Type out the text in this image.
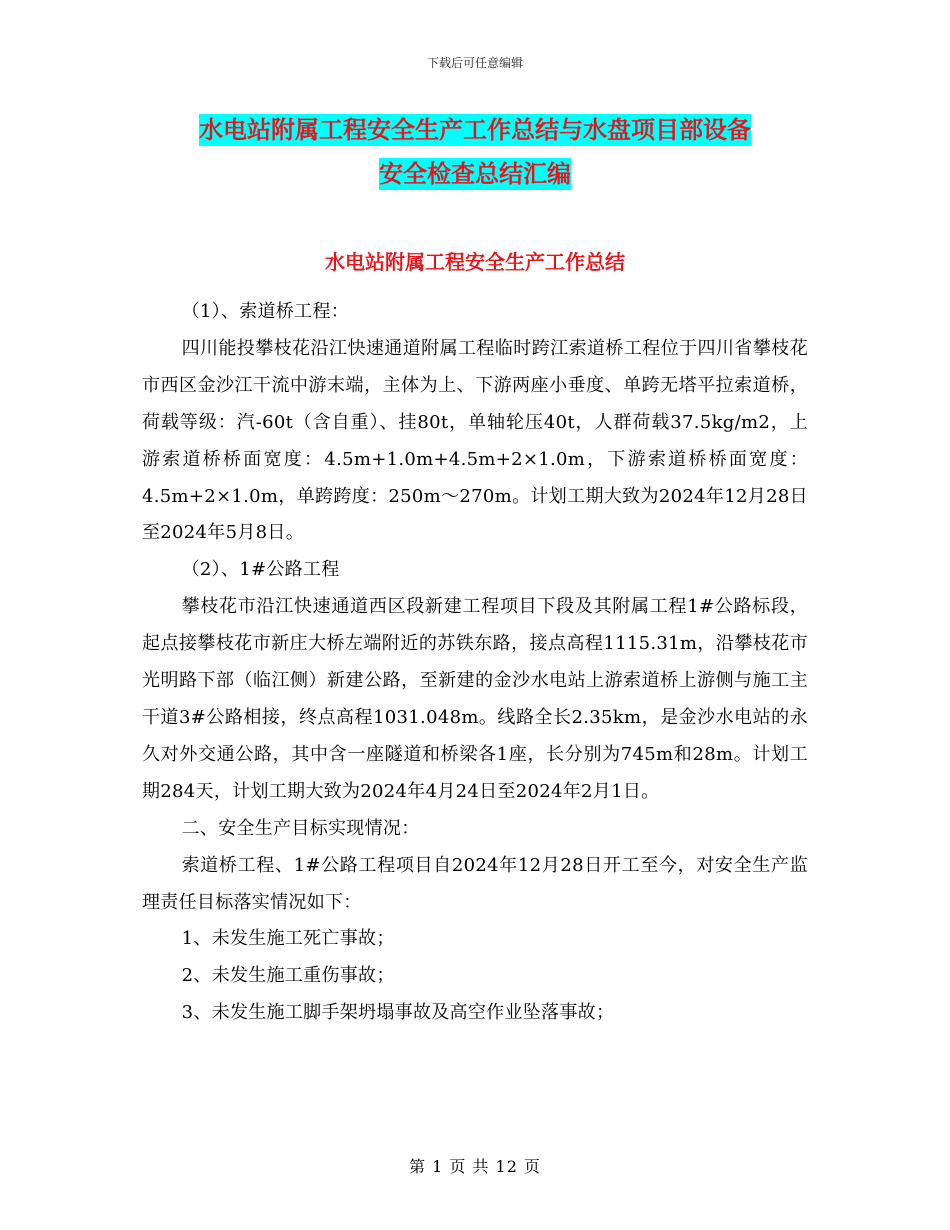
下载后可任意编辑
水电站附属工程安全生产工作总结与水盘项目部设备
安全检查总结汇编
水电站附属工程安全生产工作总结

（1）、索道桥工程：

四川能投攀枝花沿江快速通道附属工程临时跨江索道桥工程位于四川省攀枝花市西区金沙江干流中游末端，主体为上、下游两座小垂度、单跨无塔平拉索道桥，荷载等级：汽-60t（含自重）、挂80t，单轴轮压40t，人群荷载37.5kg/m2，上游索道桥桥面宽度：4.5m+1.0m+4.5m+2×1.0m，下游索道桥桥面宽度：4.5m+2×1.0m，单跨跨度：250m～270m。计划工期大致为2024年12月28日至2024年5月8日。

（2）、1#公路工程

攀枝花市沿江快速通道西区段新建工程项目下段及其附属工程1#公路标段，起点接攀枝花市新庄大桥左端附近的苏铁东路，接点高程1115.31m，沿攀枝花市光明路下部（临江侧）新建公路，至新建的金沙水电站上游索道桥上游侧与施工主干道3#公路相接，终点高程1031.048m。线路全长2.35km，是金沙水电站的永久对外交通公路，其中含一座隧道和桥梁各1座，长分别为745m和28m。计划工期284天，计划工期大致为2024年4月24日至2024年2月1日。

二、安全生产目标实现情况：

索道桥工程、1#公路工程项目自2024年12月28日开工至今，对安全生产监理责任目标落实情况如下：

1、未发生施工死亡事故；

2、未发生施工重伤事故；

3、未发生施工脚手架坍塌事故及高空作业坠落事故；

第 1 页 共 12 页
